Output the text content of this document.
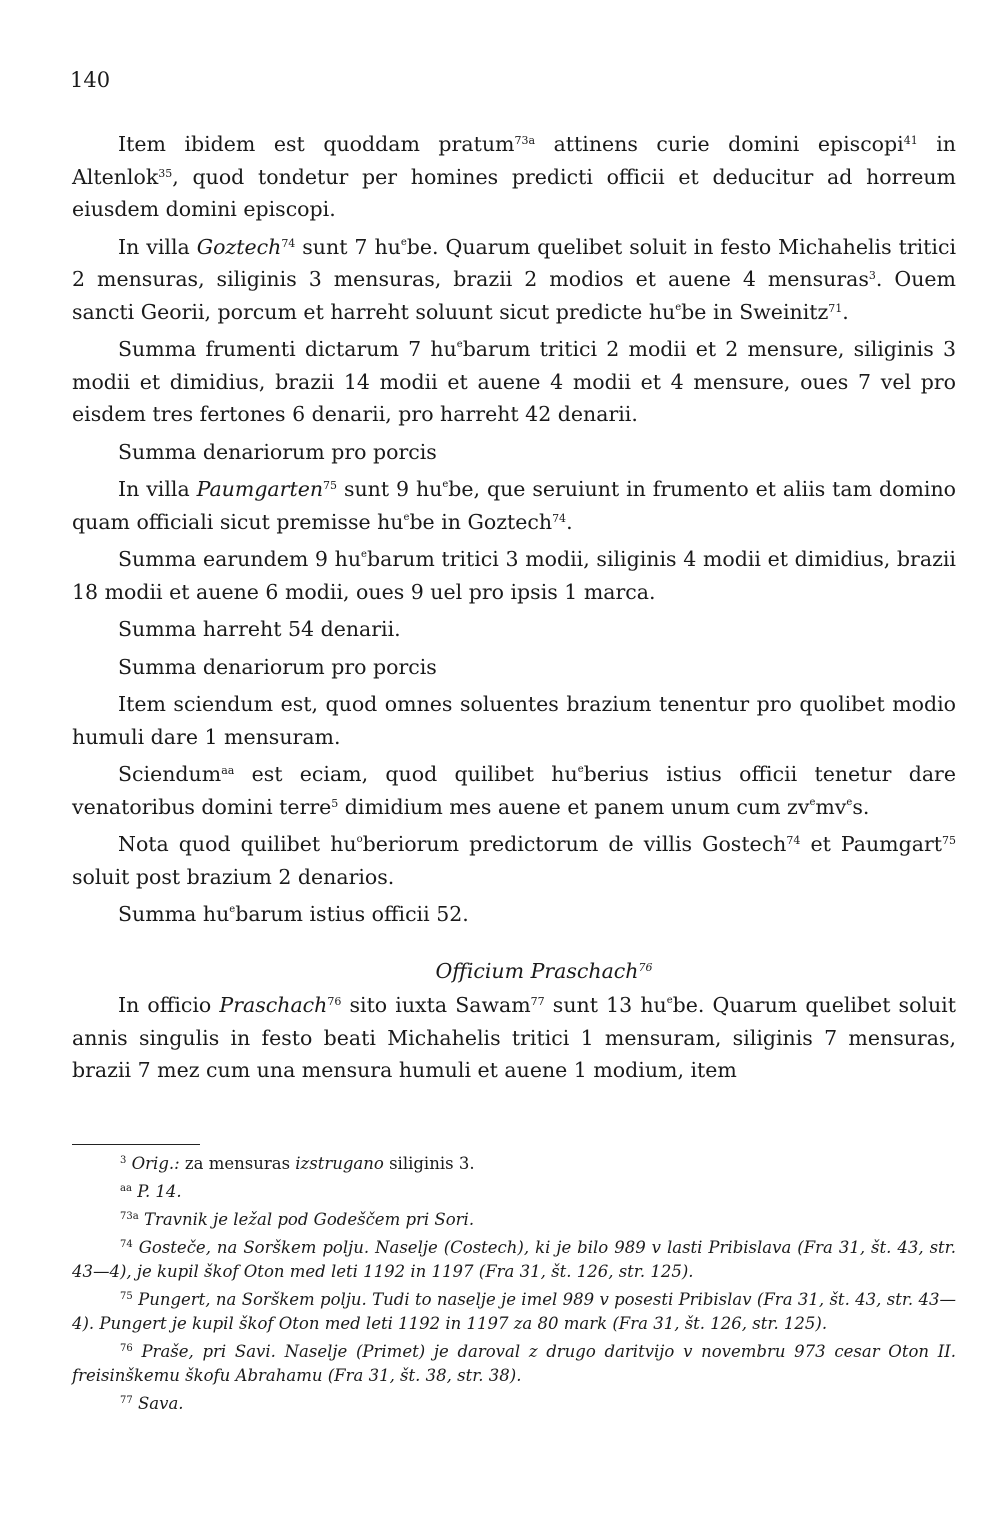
140

Item ibidem est quoddam pratum$^{73a}$ attinens curie domini episcopi$^{41}$ in Altenlok$^{35}$, quod tondetur per homines predicti officii et deducitur ad horreum eiusdem domini episcopi.

In villa Goztech$^{74}$ sunt 7 $hu^ebe$. Quarum quelibet soluit in festo Michahelis tritici 2 mensuras, siliginis 3 mensuras, brazii 2 modios et auene 4 mensuras$^3$. Ouem sancti Georii, porcum et harreht soluunt sicut predicte $hu^ebe$ in Sweinitz$^{71}$.

Summa frumenti dictarum 7 $hu^ebarum$ tritici 2 modii et 2 mensure, siliginis 3 modii et dimidius, brazii 14 modii et auene 4 modii et 4 mensure, oues 7 vel pro eisdem tres fertones 6 denarii, pro harreht 42 denarii.

Summa denariorum pro porcis

In villa Paumgarten$^{75}$ sunt 9 $hu^ebe$, que seruiunt in frumento et aliis tam domino quam officiali sicut premisse $hu^ebe$ in Goztech$^{74}$.

Summa earundem 9 $hu^ebarum$ tritici 3 modii, siliginis 4 modii et dimidius, brazii 18 modii et auene 6 modii, oues 9 uel pro ipsis 1 marca.

Summa harreht 54 denarii.

Summa denariorum pro porcis

Item sciendum est, quod omnes soluentes brazium tenentur pro quolibet modio humuli dare 1 mensuram.

Sciendum$^{aa}$ est eciam, quod quilibet $hu^eberius$ istius officii tenetur dare venatoribus domini terre$^5$ dimidium mes auene et panem unum cum $zv^emv^es$.

Nota quod quilibet $hu^oberiorum$ predictorum de villis Gostech$^{74}$ et Paumgart$^{75}$ soluit post brazium 2 denarios.

Summa $hu^ebarum$ istius officii 52.

Officium Praschach$^{76}$

In officio Praschach$^{76}$ sito iuxta Sawam$^{77}$ sunt 13 $hu^ebe$. Quarum quelibet soluit annis singulis in festo beati Michahelis tritici 1 mensuram, siliginis 7 mensuras, brazii 7 mez cum una mensura humuli et auene 1 modium, item

$^3$ Orig.: za mensuras izstrugano siliginis 3.

$^{aa}$ P. 14.

$^{73a}$ Travnik je ležal pod Godeščem pri Sori.

$^{74}$ Gosteče, na Sorškem polju. Naselje (Costech), ki je bilo 989 v lasti Pribislava (Fra 31, št. 43, str. 43—4), je kupil škof Oton med leti 1192 in 1197 (Fra 31, št. 126, str. 125).

$^{75}$ Pungert, na Sorškem polju. Tudi to naselje je imel 989 v posesti Pribislav (Fra 31, št. 43, str. 43—4). Pungert je kupil škof Oton med leti 1192 in 1197 za 80 mark (Fra 31, št. 126, str. 125).

$^{76}$ Praše, pri Savi. Naselje (Primet) je daroval z drugo daritvijo v novembru 973 cesar Oton II. freisinškemu škofu Abrahamu (Fra 31, št. 38, str. 38).

$^{77}$ Sava.
